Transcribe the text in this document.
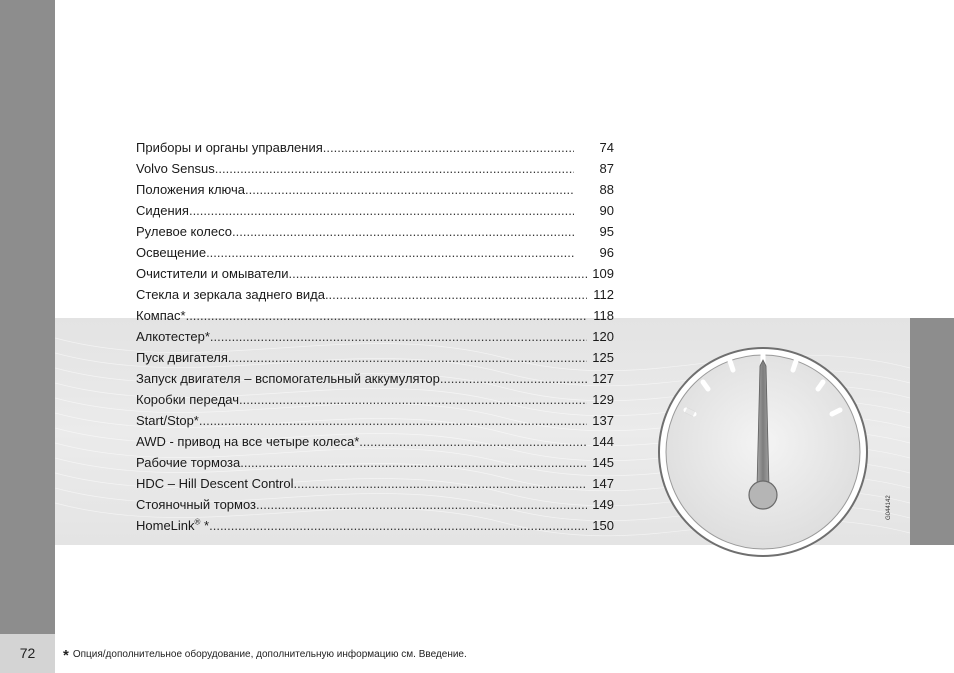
72
Приборы и органы управления .....	74
Volvo Sensus .....	87
Положения ключа .....	88
Сидения .....	90
Рулевое колесо .....	95
Освещение .....	96
Очистители и омыватели .....	109
Стекла и зеркала заднего вида .....	112
Компас* .....	118
Алкотестер* .....	120
Пуск двигателя .....	125
Запуск двигателя – вспомогательный аккумулятор .....	127
Коробки передач .....	129
Start/Stop* .....	137
AWD - привод на все четыре колеса* .....	144
Рабочие тормоза .....	145
HDC – Hill Descent Control .....	147
Стояночный тормоз .....	149
HomeLink® * .....	150
G044142
* Опция/дополнительное оборудование, дополнительную информацию см. Введение.
